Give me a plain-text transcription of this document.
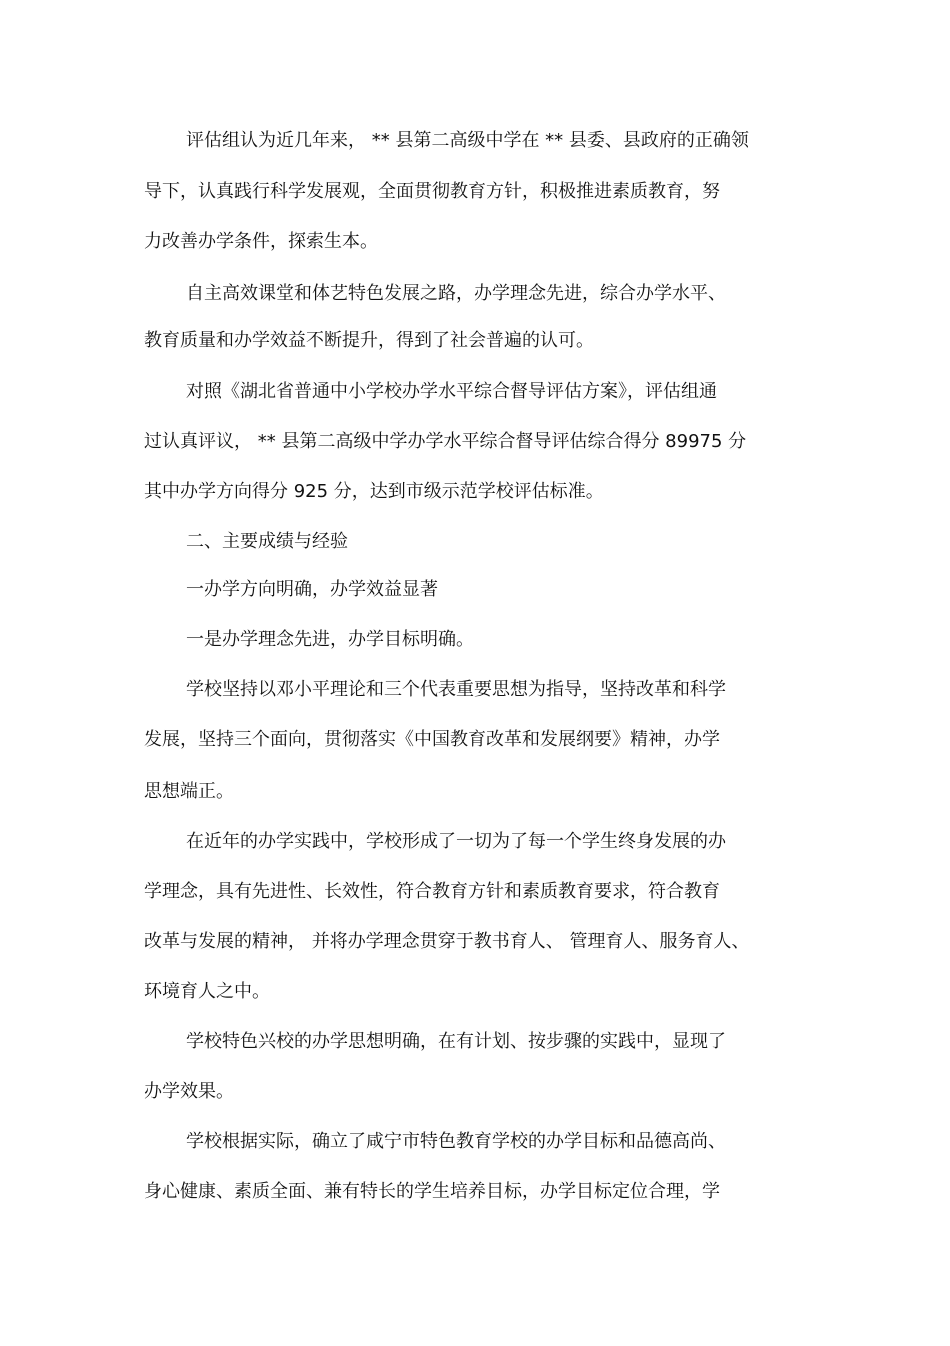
评估组认为近几年来， ** 县第二高级中学在 ** 县委、县政府的正确领

导下，认真践行科学发展观，全面贯彻教育方针，积极推进素质教育，努

力改善办学条件，探索生本。

自主高效课堂和体艺特色发展之路，办学理念先进，综合办学水平、

教育质量和办学效益不断提升，得到了社会普遍的认可。

对照《湖北省普通中小学校办学水平综合督导评估方案》，评估组通

过认真评议， ** 县第二高级中学办学水平综合督导评估综合得分 89975 分

其中办学方向得分 925 分，达到市级示范学校评估标准。

二、主要成绩与经验

一办学方向明确，办学效益显著

一是办学理念先进，办学目标明确。

学校坚持以邓小平理论和三个代表重要思想为指导，坚持改革和科学

发展，坚持三个面向，贯彻落实《中国教育改革和发展纲要》精神，办学

思想端正。

在近年的办学实践中，学校形成了一切为了每一个学生终身发展的办

学理念，具有先进性、长效性，符合教育方针和素质教育要求，符合教育

改革与发展的精神， 并将办学理念贯穿于教书育人、 管理育人、服务育人、

环境育人之中。

学校特色兴校的办学思想明确，在有计划、按步骤的实践中，显现了

办学效果。

学校根据实际，确立了咸宁市特色教育学校的办学目标和品德高尚、

身心健康、素质全面、兼有特长的学生培养目标，办学目标定位合理，学
